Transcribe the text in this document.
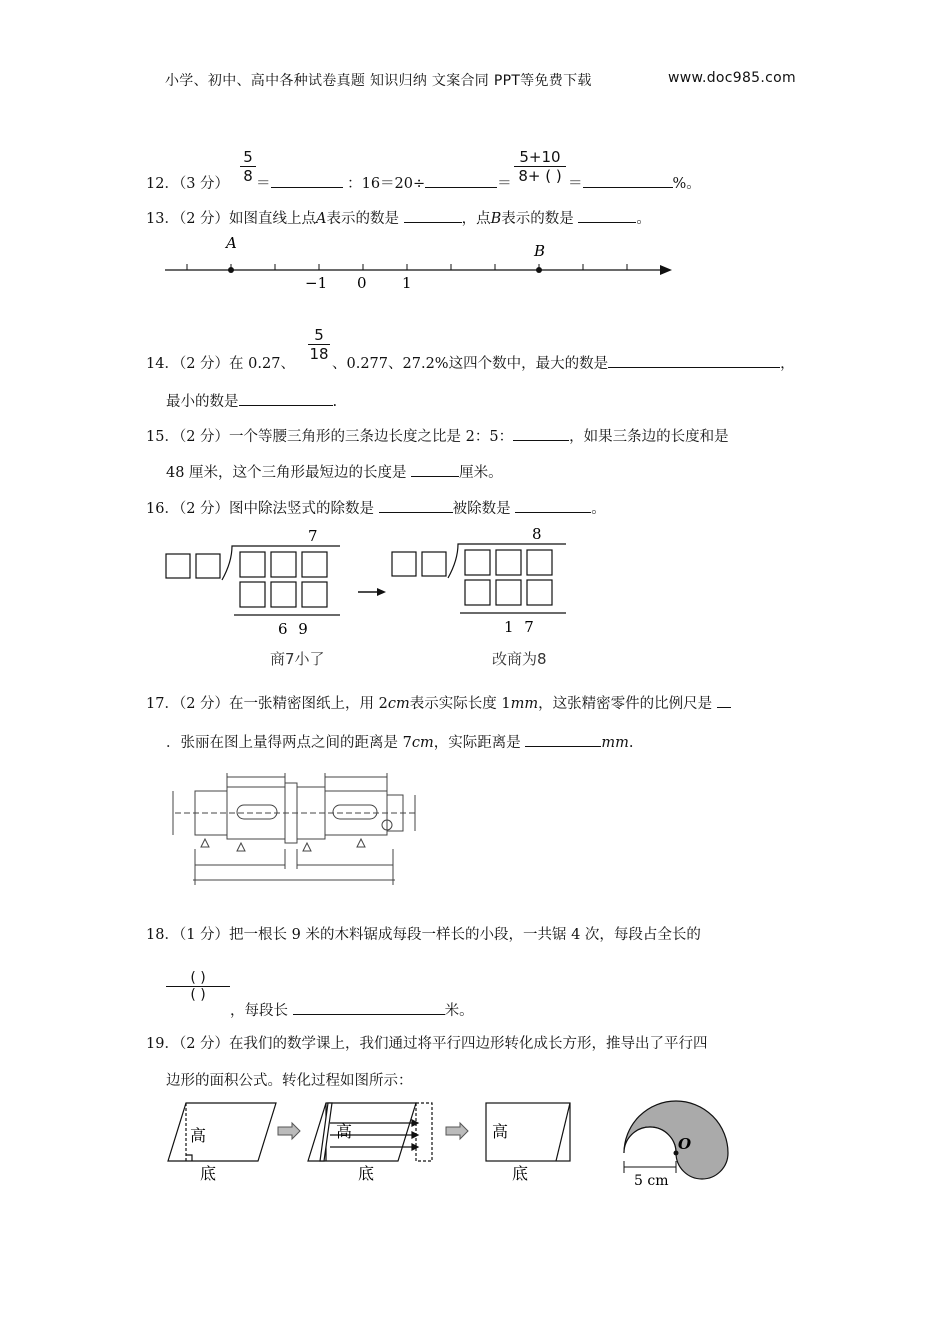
小学、初中、高中各种试卷真题 知识归纳 文案合同 PPT等免费下载	www.doc985.com
12．（3 分）
5
8 ＝	：16＝20÷	＝
5+10
8+ ( ) ＝	%。
13．（2 分）如图直线上点A表示的数是	，点B表示的数是	。
A	B
−1 0 1
14．（2 分）在 0.27、
5
18
、0.277、27.2%这四个数中，最大的数是	，
最小的数是	.
15．（2 分）一个等腰三角形的三条边长度之比是 2：5：	，如果三条边的长度和是
48 厘米，这个三角形最短边的长度是	厘米。
16．（2 分）图中除法竖式的除数是	被除数是	。
7
6 9
商7小了
8
1 7
改商为8
17．（2 分）在一张精密图纸上，用 2cm表示实际长度 1mm，这张精密零件的比例尺是
．张丽在图上量得两点之间的距离是 7cm，实际距离是	mm.
18．（1 分）把一根长 9 米的木料锯成每段一样长的小段，一共锯 4 次，每段占全长的
( )
( )
，每段长	米。
19．（2 分）在我们的数学课上，我们通过将平行四边形转化成长方形，推导出了平行四
边形的面积公式。转化过程如图所示：
高
底
高
底
高
底
O
5 cm
